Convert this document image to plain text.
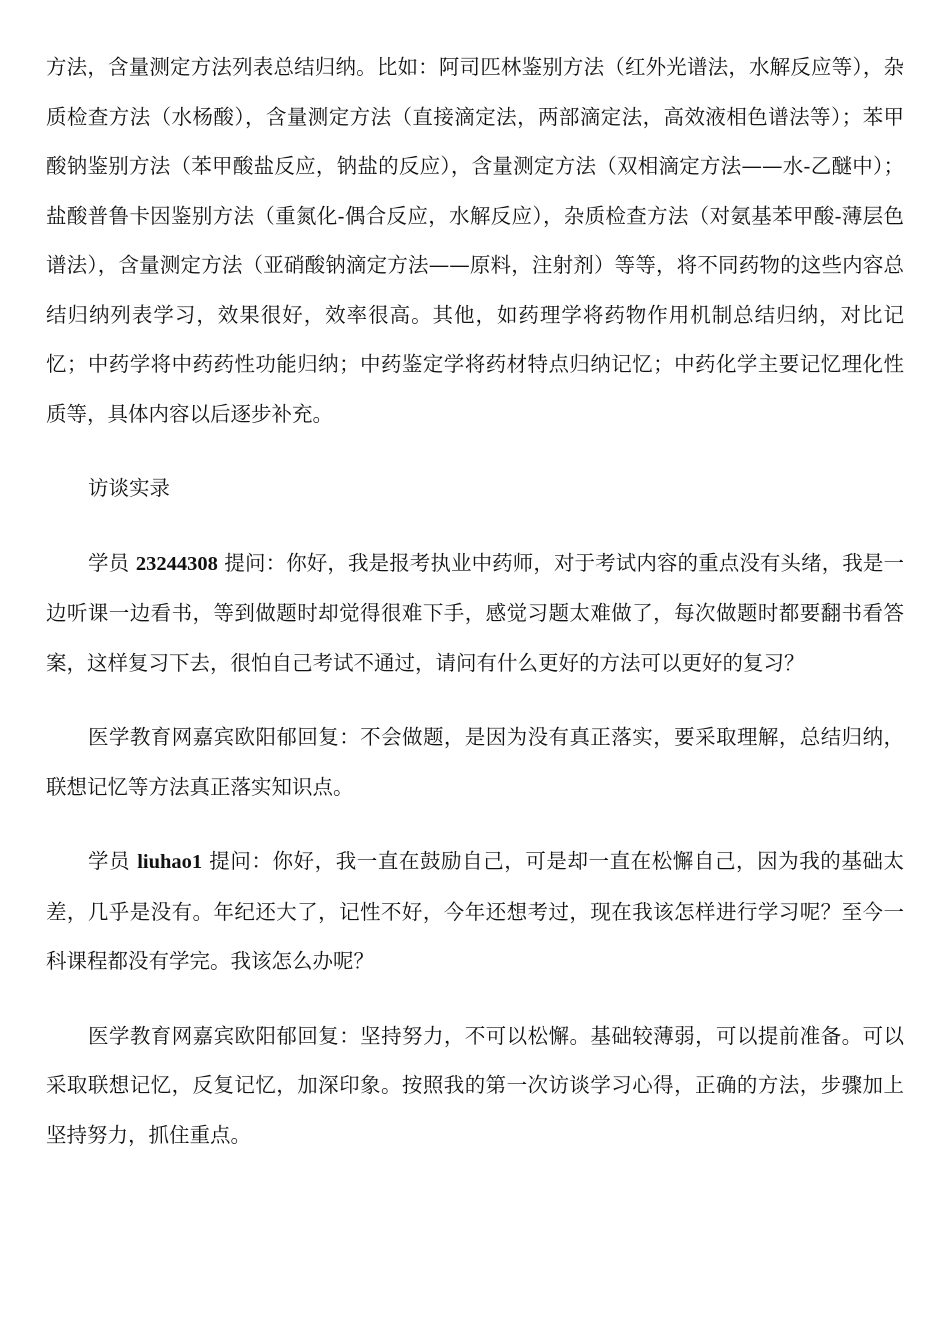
方法，含量测定方法列表总结归纳。比如：阿司匹林鉴别方法（红外光谱法，水解反应等），杂质检查方法（水杨酸），含量测定方法（直接滴定法，两部滴定法，高效液相色谱法等）；苯甲酸钠鉴别方法（苯甲酸盐反应，钠盐的反应），含量测定方法（双相滴定方法——水-乙醚中）；盐酸普鲁卡因鉴别方法（重氮化-偶合反应，水解反应），杂质检查方法（对氨基苯甲酸-薄层色谱法），含量测定方法（亚硝酸钠滴定方法——原料，注射剂）等等，将不同药物的这些内容总结归纳列表学习，效果很好，效率很高。其他，如药理学将药物作用机制总结归纳，对比记忆；中药学将中药药性功能归纳；中药鉴定学将药材特点归纳记忆；中药化学主要记忆理化性质等，具体内容以后逐步补充。

访谈实录

学员 23244308 提问：你好，我是报考执业中药师，对于考试内容的重点没有头绪，我是一边听课一边看书，等到做题时却觉得很难下手，感觉习题太难做了，每次做题时都要翻书看答案，这样复习下去，很怕自己考试不通过，请问有什么更好的方法可以更好的复习？

医学教育网嘉宾欧阳郁回复：不会做题，是因为没有真正落实，要采取理解，总结归纳，联想记忆等方法真正落实知识点。

学员 liuhao1 提问：你好，我一直在鼓励自己，可是却一直在松懈自己，因为我的基础太差，几乎是没有。年纪还大了，记性不好，今年还想考过，现在我该怎样进行学习呢？至今一科课程都没有学完。我该怎么办呢？

医学教育网嘉宾欧阳郁回复：坚持努力，不可以松懈。基础较薄弱，可以提前准备。可以采取联想记忆，反复记忆，加深印象。按照我的第一次访谈学习心得，正确的方法，步骤加上坚持努力，抓住重点。
